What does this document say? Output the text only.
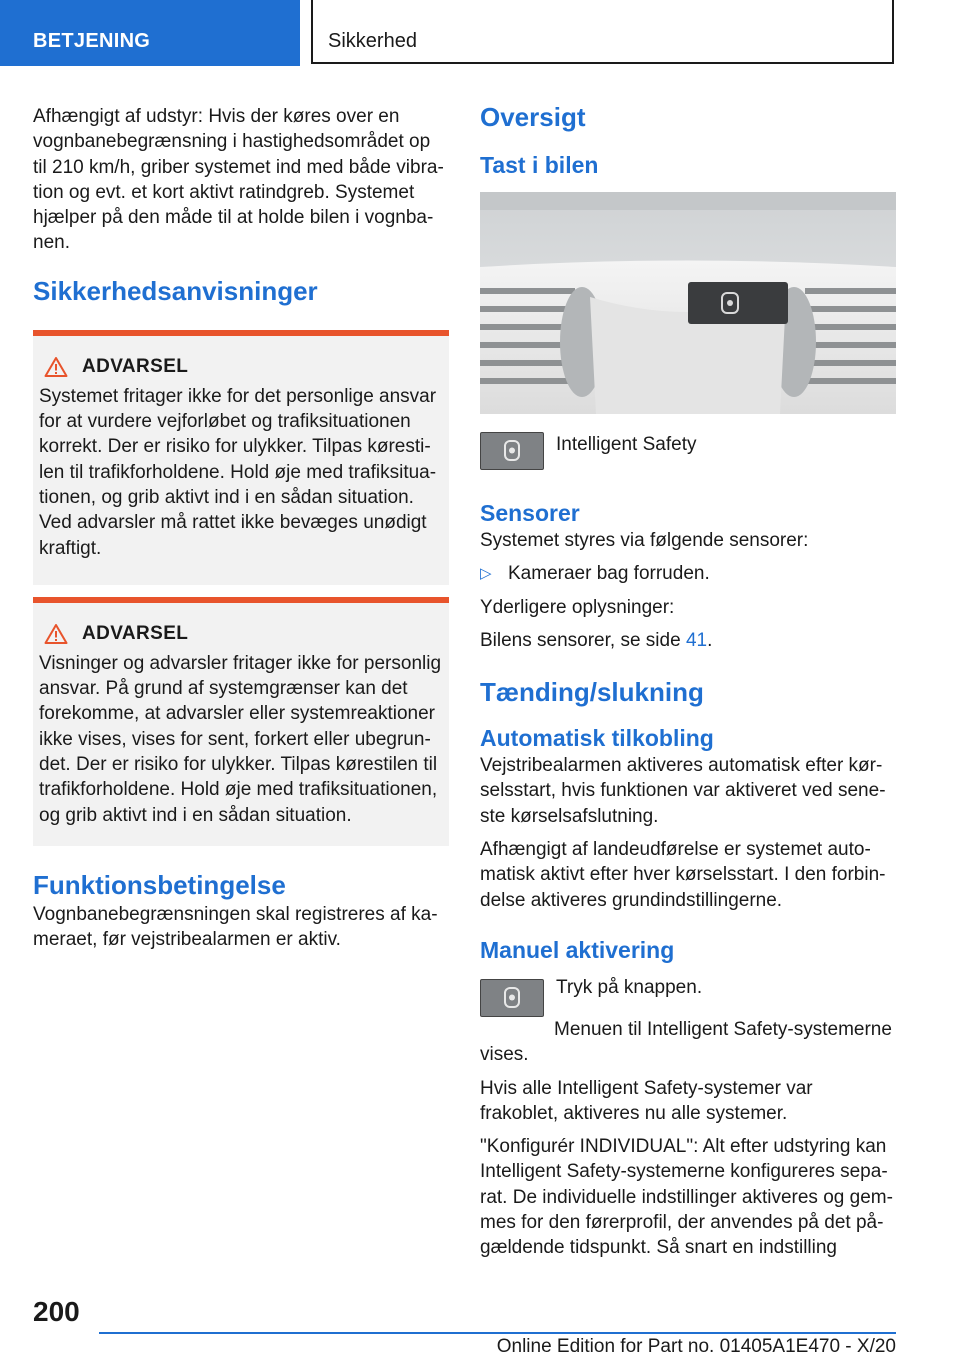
BETJENING	Sikkerhed

Afhængigt af udstyr: Hvis der køres over en vognbanebegrænsning i hastighedsområdet op til 210 km/h, griber systemet ind med både vibration og evt. et kort aktivt ratindgreb. Systemet hjælper på den måde til at holde bilen i vognbanen.

Sikkerhedsanvisninger
ADVARSEL

Systemet fritager ikke for det personlige ansvar for at vurdere vejforløbet og trafiksituationen korrekt. Der er risiko for ulykker. Tilpas kørestilen til trafikforholdene. Hold øje med trafiksituationen, og grib aktivt ind i en sådan situation. Ved advarsler må rattet ikke bevæges unødigt kraftigt.

ADVARSEL

Visninger og advarsler fritager ikke for personlig ansvar. På grund af systemgrænser kan det forekomme, at advarsler eller systemreaktioner ikke vises, vises for sent, forkert eller ubegrundet. Der er risiko for ulykker. Tilpas kørestilen til trafikforholdene. Hold øje med trafiksituationen, og grib aktivt ind i en sådan situation.

Funktionsbetingelse

Vognbanebegrænsningen skal registreres af kameraet, før vejstribealarmen er aktiv.

Oversigt
Tast i bilen

Intelligent Safety

Sensorer

Systemet styres via følgende sensorer:

▷ Kameraer bag forruden.

Yderligere oplysninger:

Bilens sensorer, se side 41.

Tænding/slukning
Automatisk tilkobling

Vejstribealarmen aktiveres automatisk efter kørselsstart, hvis funktionen var aktiveret ved seneste kørselsafslutning.

Afhængigt af landeudførelse er systemet automatisk aktivt efter hver kørselsstart. I den forbindelse aktiveres grundindstillingerne.

Manuel aktivering

Tryk på knappen.

Menuen til Intelligent Safety-systemerne vises.

Hvis alle Intelligent Safety-systemer var frakoblet, aktiveres nu alle systemer.

"Konfigurér INDIVIDUAL": Alt efter udstyring kan Intelligent Safety-systemerne konfigureres separat. De individuelle indstillinger aktiveres og gemmes for den førerprofil, der anvendes på det pågældende tidspunkt. Så snart en indstilling

200
Online Edition for Part no. 01405A1E470 - X/20
